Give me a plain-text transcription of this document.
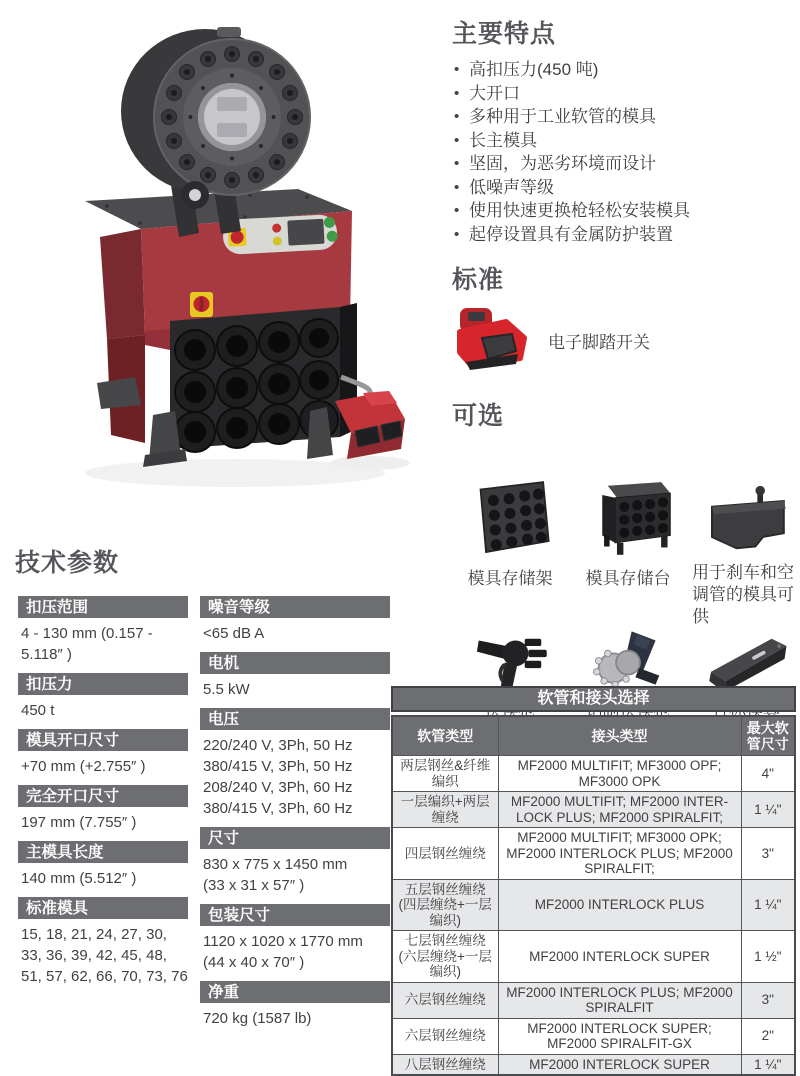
主要特点
• 高扣压力(450 吨)
• 大开口
• 多种用于工业软管的模具
• 长主模具
• 坚固，为恶劣环境而设计
• 低噪声等级
• 使用快速更换枪轻松安装模具
• 起停设置具有金属防护装置
标准
电子脚踏开关
可选
模具存储架 模具存储台 用于刹车和空调管的模具可供
技术参数
扣压范围
4 - 130 mm (0.157 - 5.118″ )
扣压力
450 t
模具开口尺寸
+70 mm (+2.755″ )
完全开口尺寸
197 mm (7.755″ )
主模具长度
140 mm (5.512″ )
标准模具
15, 18, 21, 24, 27, 30, 33, 36, 39, 42, 45, 48, 51, 57, 62, 66, 70, 73, 76
噪音等级
<65 dB A
电机
5.5 kW
电压
220/240 V, 3Ph, 50 Hz
380/415 V, 3Ph, 50 Hz
208/240 V, 3Ph, 60 Hz
380/415 V, 3Ph, 60 Hz
尺寸
830 x 775 x 1450 mm
(33 x 31 x 57″ )
包装尺寸
1120 x 1020 x 1770 mm
(44 x 40 x 70″ )
净重
720 kg (1587 lb)
软管和接头选择
软管类型	接头类型	最大软管尺寸
两层钢丝&纤维编织	MF2000 MULTIFIT; MF3000 OPF; MF3000 OPK	4"
一层编织+两层缠绕	MF2000 MULTIFIT; MF2000 INTER-LOCK PLUS; MF2000 SPIRALFIT;	1 ¼"
四层钢丝缠绕	MF2000 MULTIFIT; MF3000 OPK; MF2000 INTERLOCK PLUS; MF2000 SPIRALFIT;	3"
五层钢丝缠绕 (四层缠绕+一层编织)	MF2000 INTERLOCK PLUS	1 ¼"
七层钢丝缠绕 (六层缠绕+一层编织)	MF2000 INTERLOCK SUPER	1 ½"
六层钢丝缠绕	MF2000 INTERLOCK PLUS; MF2000 SPIRALFIT	3"
六层钢丝缠绕	MF2000 INTERLOCK SUPER; MF2000 SPIRALFIT-GX	2"
八层钢丝缠绕	MF2000 INTERLOCK SUPER	1 ¼"
